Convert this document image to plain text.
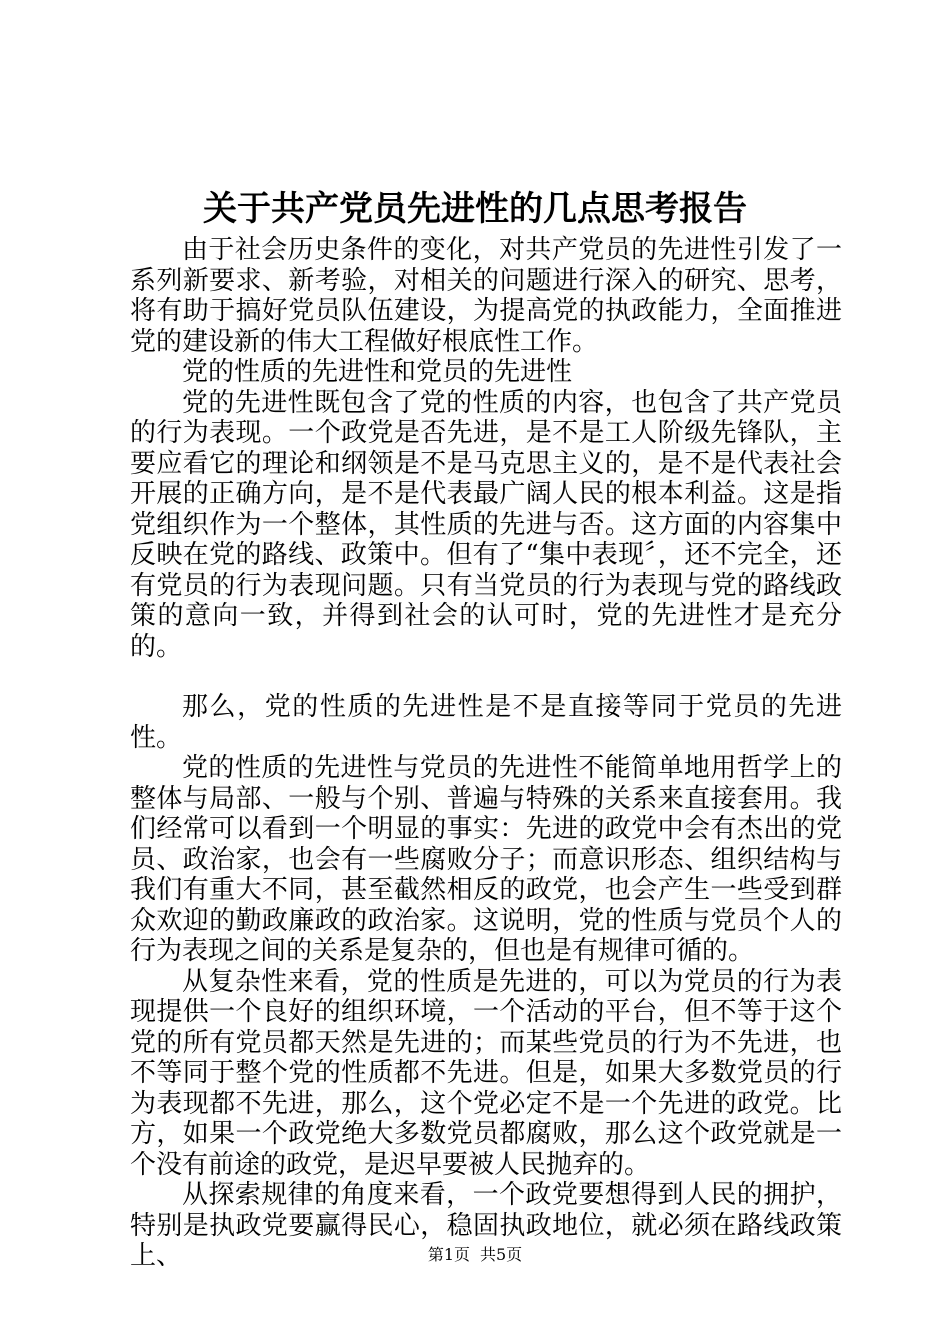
关于共产党员先进性的几点思考报告

由于社会历史条件的变化，对共产党员的先进性引发了一系列新要求、新考验，对相关的问题进行深入的研究、思考，将有助于搞好党员队伍建设，为提高党的执政能力，全面推进党的建设新的伟大工程做好根底性工作。

党的性质的先进性和党员的先进性

党的先进性既包含了党的性质的内容，也包含了共产党员的行为表现。一个政党是否先进，是不是工人阶级先锋队，主要应看它的理论和纲领是不是马克思主义的，是不是代表社会开展的正确方向，是不是代表最广阔人民的根本利益。这是指党组织作为一个整体，其性质的先进与否。这方面的内容集中反映在党的路线、政策中。但有了“集中表现〞，还不完全，还有党员的行为表现问题。只有当党员的行为表现与党的路线政策的意向一致，并得到社会的认可时，党的先进性才是充分的。

那么，党的性质的先进性是不是直接等同于党员的先进性。

党的性质的先进性与党员的先进性不能简单地用哲学上的整体与局部、一般与个别、普遍与特殊的关系来直接套用。我们经常可以看到一个明显的事实：先进的政党中会有杰出的党员、政治家，也会有一些腐败分子；而意识形态、组织结构与我们有重大不同，甚至截然相反的政党，也会产生一些受到群众欢迎的勤政廉政的政治家。这说明，党的性质与党员个人的行为表现之间的关系是复杂的，但也是有规律可循的。

从复杂性来看，党的性质是先进的，可以为党员的行为表现提供一个良好的组织环境，一个活动的平台，但不等于这个党的所有党员都天然是先进的；而某些党员的行为不先进，也不等同于整个党的性质都不先进。但是，如果大多数党员的行为表现都不先进，那么，这个党必定不是一个先进的政党。比方，如果一个政党绝大多数党员都腐败，那么这个政党就是一个没有前途的政党，是迟早要被人民抛弃的。

从探索规律的角度来看，一个政党要想得到人民的拥护，特别是执政党要赢得民心，稳固执政地位，就必须在路线政策上、	第1页 共5页
